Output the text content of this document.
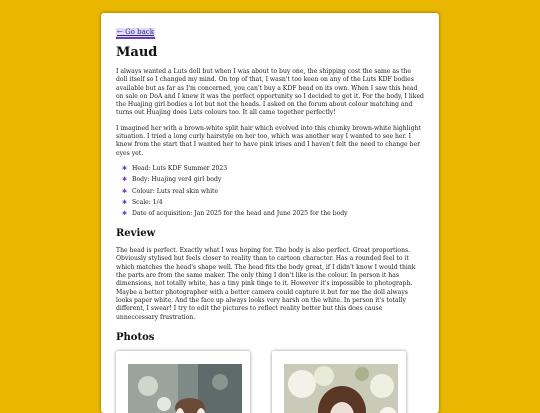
← Go back
Maud

I always wanted a Luts doll but when I was about to buy one, the shipping cost the same as the doll itself so I changed my mind. On top of that, I wasn't too keen on any of the Luts KDF bodies available but as far as I'm concerned, you can't buy a KDF head on its own. When I saw this head on sale on DoA and I knew it was the perfect opportunity so I decided to get it. For the body, I liked the Huajing girl bodies a lot but not the heads. I asked on the forum about colour matching and turns out Huajing does Luts colours too. It all came together perfectly!

I imagined her with a brown-white split hair which evolved into this chunky brown-white highlight situation. I tried a long curly hairstyle on her too, which was another way I wanted to see her. I knew from the start that I wanted her to have pink irises and I haven't felt the need to change her eyes yet.

✱ Head: Luts KDF Summer 2023
✱ Body: Huajing ver4 girl body
✱ Colour: Luts real skin white
✱ Scale: 1/4
✱ Date of acquisition: Jan 2025 for the head and June 2025 for the body
Review

The head is perfect. Exactly what I was hoping for. The body is also perfect. Great proportions. Obviously stylised but feels closer to reality than to cartoon character. Has a rounded feel to it which matches the head's shape well. The head fits the body great, if I didn't know I would think the parts are from the same maker. The only thing I don't like is the colour. In person it has dimensions, not totally white, has a tiny pink tinge to it. However it's impossible to photograph. Maybe a better photographer with a better camera could capture it but for me the doll always looks paper white. And the face up always looks very harsh on the white. In person it's totally different, I swear! I try to edit the pictures to reflect reality better but this does cause unneccessary frustration.

Photos
